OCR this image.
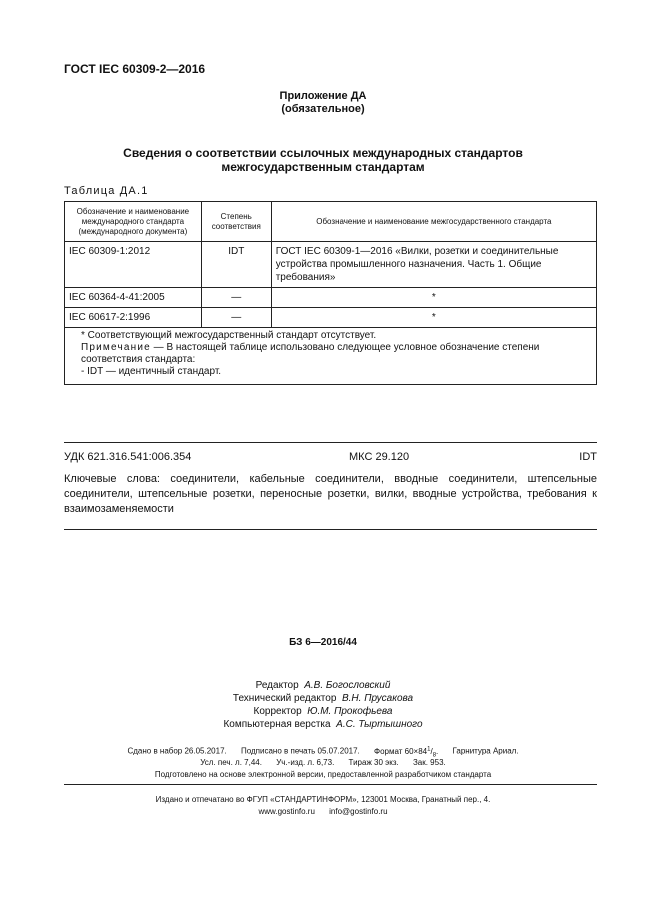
ГОСТ IEC 60309-2—2016
Приложение ДА
(обязательное)
Сведения о соответствии ссылочных международных стандартов
межгосударственным стандартам
Таблица ДА.1
Обозначение и наименование международного стандарта (международного документа)	Степень соответствия	Обозначение и наименование межгосударственного стандарта
IEC 60309-1:2012	IDT	ГОСТ IEC 60309-1—2016 «Вилки, розетки и соединительные устройства промышленного назначения. Часть 1. Общие требования»
IEC 60364-4-41:2005	—	*
IEC 60617-2:1996	—	*

* Соответствующий межгосударственный стандарт отсутствует.
Примечание — В настоящей таблице использовано следующее условное обозначение степени соответствия стандарта:
- IDT — идентичный стандарт.		
УДК 621.316.541:006.354	МКС 29.120	IDT
Ключевые слова: соединители, кабельные соединители, вводные соединители, штепсельные соединители, штепсельные розетки, переносные розетки, вилки, вводные устройства, требования к взаимозаменяемости
БЗ 6—2016/44
Редактор А.В. Богословский
Технический редактор В.Н. Прусакова
Корректор Ю.М. Прокофьева
Компьютерная верстка А.С. Тыртышного
Сдано в набор 26.05.2017. Подписано в печать 05.07.2017. Формат $60\times 84^1/_8$. Гарнитура Ариал.
Усл. печ. л. 7,44. Уч.-изд. л. 6,73. Тираж 30 экз. Зак. 953.
Подготовлено на основе электронной версии, предоставленной разработчиком стандарта
Издано и отпечатано во ФГУП «СТАНДАРТИНФОРМ», 123001 Москва, Гранатный пер., 4.
www.gostinfo.ru info@gostinfo.ru
